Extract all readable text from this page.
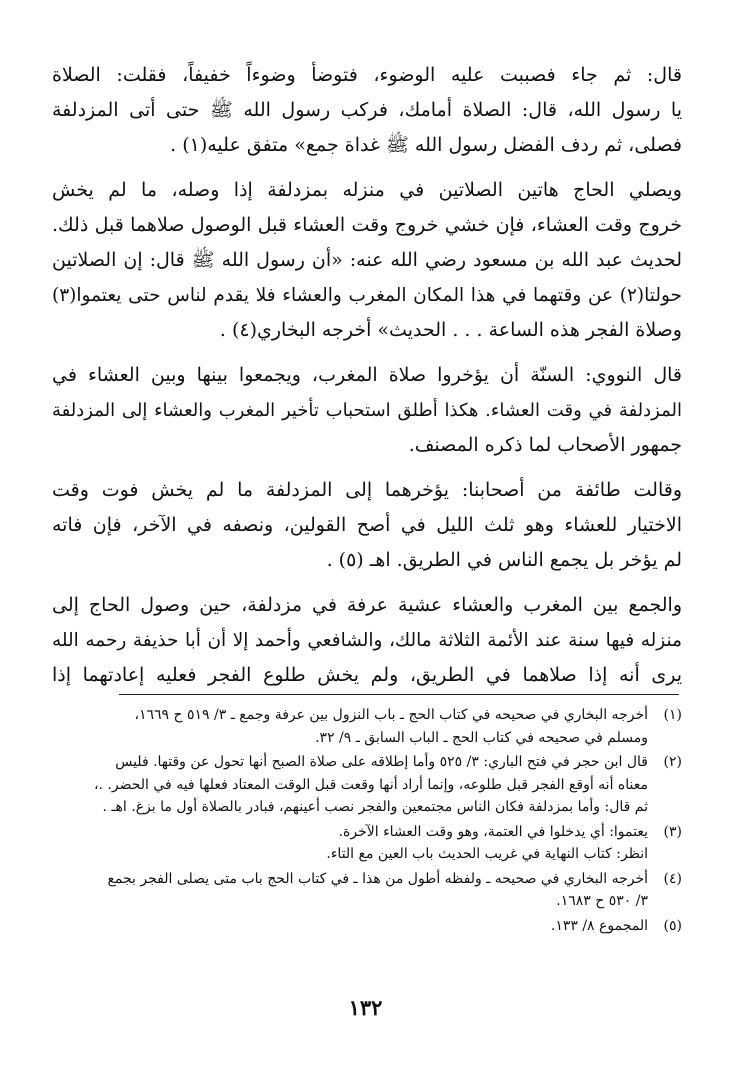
قال: ثم جاء فصببت عليه الوضوء، فتوضأ وضوءاً خفيفاً، فقلت: الصلاة
يا رسول الله، قال: الصلاة أمامك، فركب رسول الله ﷺ حتى أتى المزدلفة
فصلى، ثم ردف الفضل رسول الله ﷺ غداة جمع» متفق عليه(١) .

ويصلي الحاج هاتين الصلاتين في منزله بمزدلفة إذا وصله، ما لم يخش
خروج وقت العشاء، فإن خشي خروج وقت العشاء قبل الوصول صلاهما قبل ذلك.
لحديث عبد الله بن مسعود رضي الله عنه: «أن رسول الله ﷺ قال: إن الصلاتين
حولتا(٢) عن وقتهما في هذا المكان المغرب والعشاء فلا يقدم لناس حتى يعتموا(٣)
وصلاة الفجر هذه الساعة . . . الحديث» أخرجه البخاري(٤) .

قال النووي: السنّة أن يؤخروا صلاة المغرب، ويجمعوا بينها وبين العشاء في
المزدلفة في وقت العشاء. هكذا أطلق استحباب تأخير المغرب والعشاء إلى المزدلفة
جمهور الأصحاب لما ذكره المصنف.

وقالت طائفة من أصحابنا: يؤخرهما إلى المزدلفة ما لم يخش فوت وقت
الاختيار للعشاء وهو ثلث الليل في أصح القولين، ونصفه في الآخر، فإن فاته
لم يؤخر بل يجمع الناس في الطريق. اهـ (٥) .

والجمع بين المغرب والعشاء عشية عرفة في مزدلفة، حين وصول الحاج إلى
منزله فيها سنة عند الأئمة الثلاثة مالك، والشافعي وأحمد إلا أن أبا حذيفة رحمه الله
يرى أنه إذا صلاهما في الطريق، ولم يخش طلوع الفجر فعليه إعادتهما إذا

(١)
أخرجه البخاري في صحيحه في كتاب الحج ـ باب النزول بين عرفة وجمع ـ ٣/ ٥١٩ ح ١٦٦٩،
ومسلم في صحيحه في كتاب الحج ـ الباب السابق ـ ٩/ ٣٢.
(٢)
قال ابن حجر في فتح الباري: ٣/ ٥٢٥ وأما إطلاقه على صلاة الصبح أنها تحول عن وقتها. فليس
معناه أنه أوقع الفجر قبل طلوعه، وإنما أراد أنها وقعت قبل الوقت المعتاد فعلها فيه في الحضر. .،
ثم قال: وأما بمزدلفة فكان الناس مجتمعين والفجر نصب أعينهم، فبادر بالصلاة أول ما بزغ. اهـ .
(٣)
يعتموا: أي يدخلوا في العتمة، وهو وقت العشاء الآخرة.
انظر: كتاب النهاية في غريب الحديث باب العين مع التاء.
(٤)
أخرجه البخاري في صحيحه ـ ولفظه أطول من هذا ـ في كتاب الحج باب متى يصلى الفجر بجمع
٣/ ٥٣٠ ح ١٦٨٣.
(٥)
المجموع ٨/ ١٣٣.
١٣٢
